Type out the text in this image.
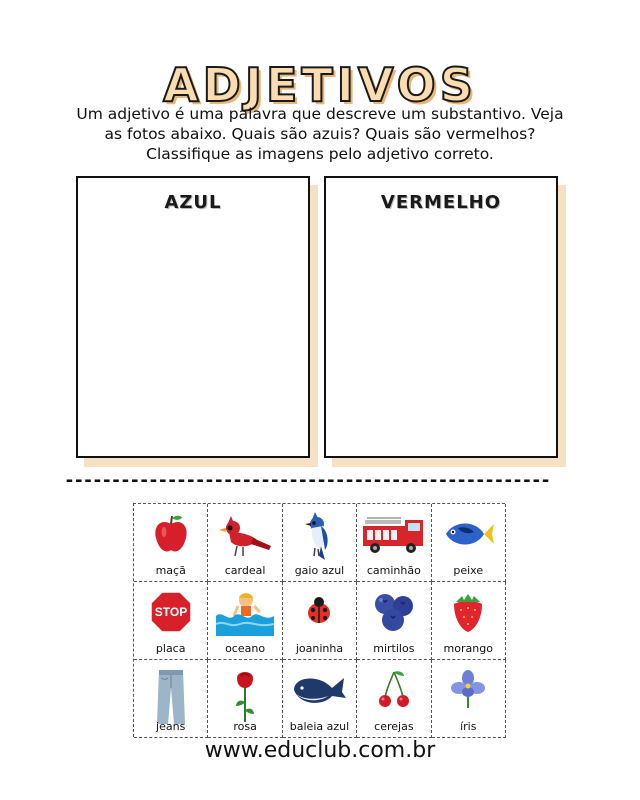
ADJETIVOS
Um adjetivo é uma palavra que descreve um substantivo. Veja
as fotos abaixo. Quais são azuis? Quais são vermelhos?
Classifique as imagens pelo adjetivo correto.
AZUL	VERMELHO
----------------------------------------------------
maçã	cardeal	gaio azul	caminhão	peixe
STOP
placa	oceano	joaninha	mirtilos	morango
jeans	rosa	baleia azul	cerejas	íris
www.educlub.com.br
